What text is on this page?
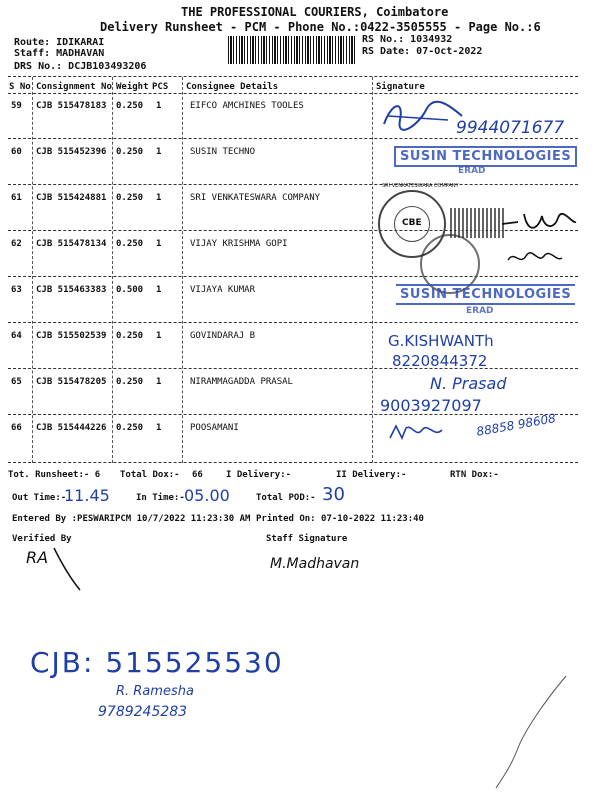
THE PROFESSIONAL COURIERS, Coimbatore
Delivery Runsheet - PCM - Phone No.:0422-3505555 - Page No.:6
Route: IDIKARAI
Staff: MADHAVAN
DRS No.: DCJB103493206
RS No.: 1034932
RS Date: 07-Oct-2022
S No Consignment No Weight PCS Consignee Details	Signature
59 CJB 515478183 0.250 1	EIFCO AMCHINES TOOLES
60 CJB 515452396 0.250 1	SUSIN TECHNO
61 CJB 515424881 0.250 1	SRI VENKATESWARA COMPANY
62 CJB 515478134 0.250 1	VIJAY KRISHMA GOPI
63 CJB 515463383 0.500 1	VIJAYA KUMAR
64 CJB 515502539 0.250 1	GOVINDARAJ B
65 CJB 515478205 0.250 1	NIRAMMAGADDA PRASAL
66 CJB 515444226 0.250 1	POOSAMANI
9944071677
SUSIN TECHNOLOGIES
ERAD
CBE
SRI VENKATESWARA COMPANY
SUSIN TECHNOLOGIES
ERAD
G.KISHWANTh
8220844372
N. Prasad
9003927097
88858 98608
Tot. Runsheet:- 6 Total Dox:- 66	I Delivery:-	II Delivery:-	RTN Dox:-
Out Time:-
11.45	In Time:- 05.00	Total POD:- 30
Entered By :PESWARIPCM 10/7/2022 11:23:30 AM Printed On: 07-10-2022 11:23:40
Verified By	Staff Signature
RA	M.Madhavan
CJB: 515525530
R. Ramesha
9789245283
